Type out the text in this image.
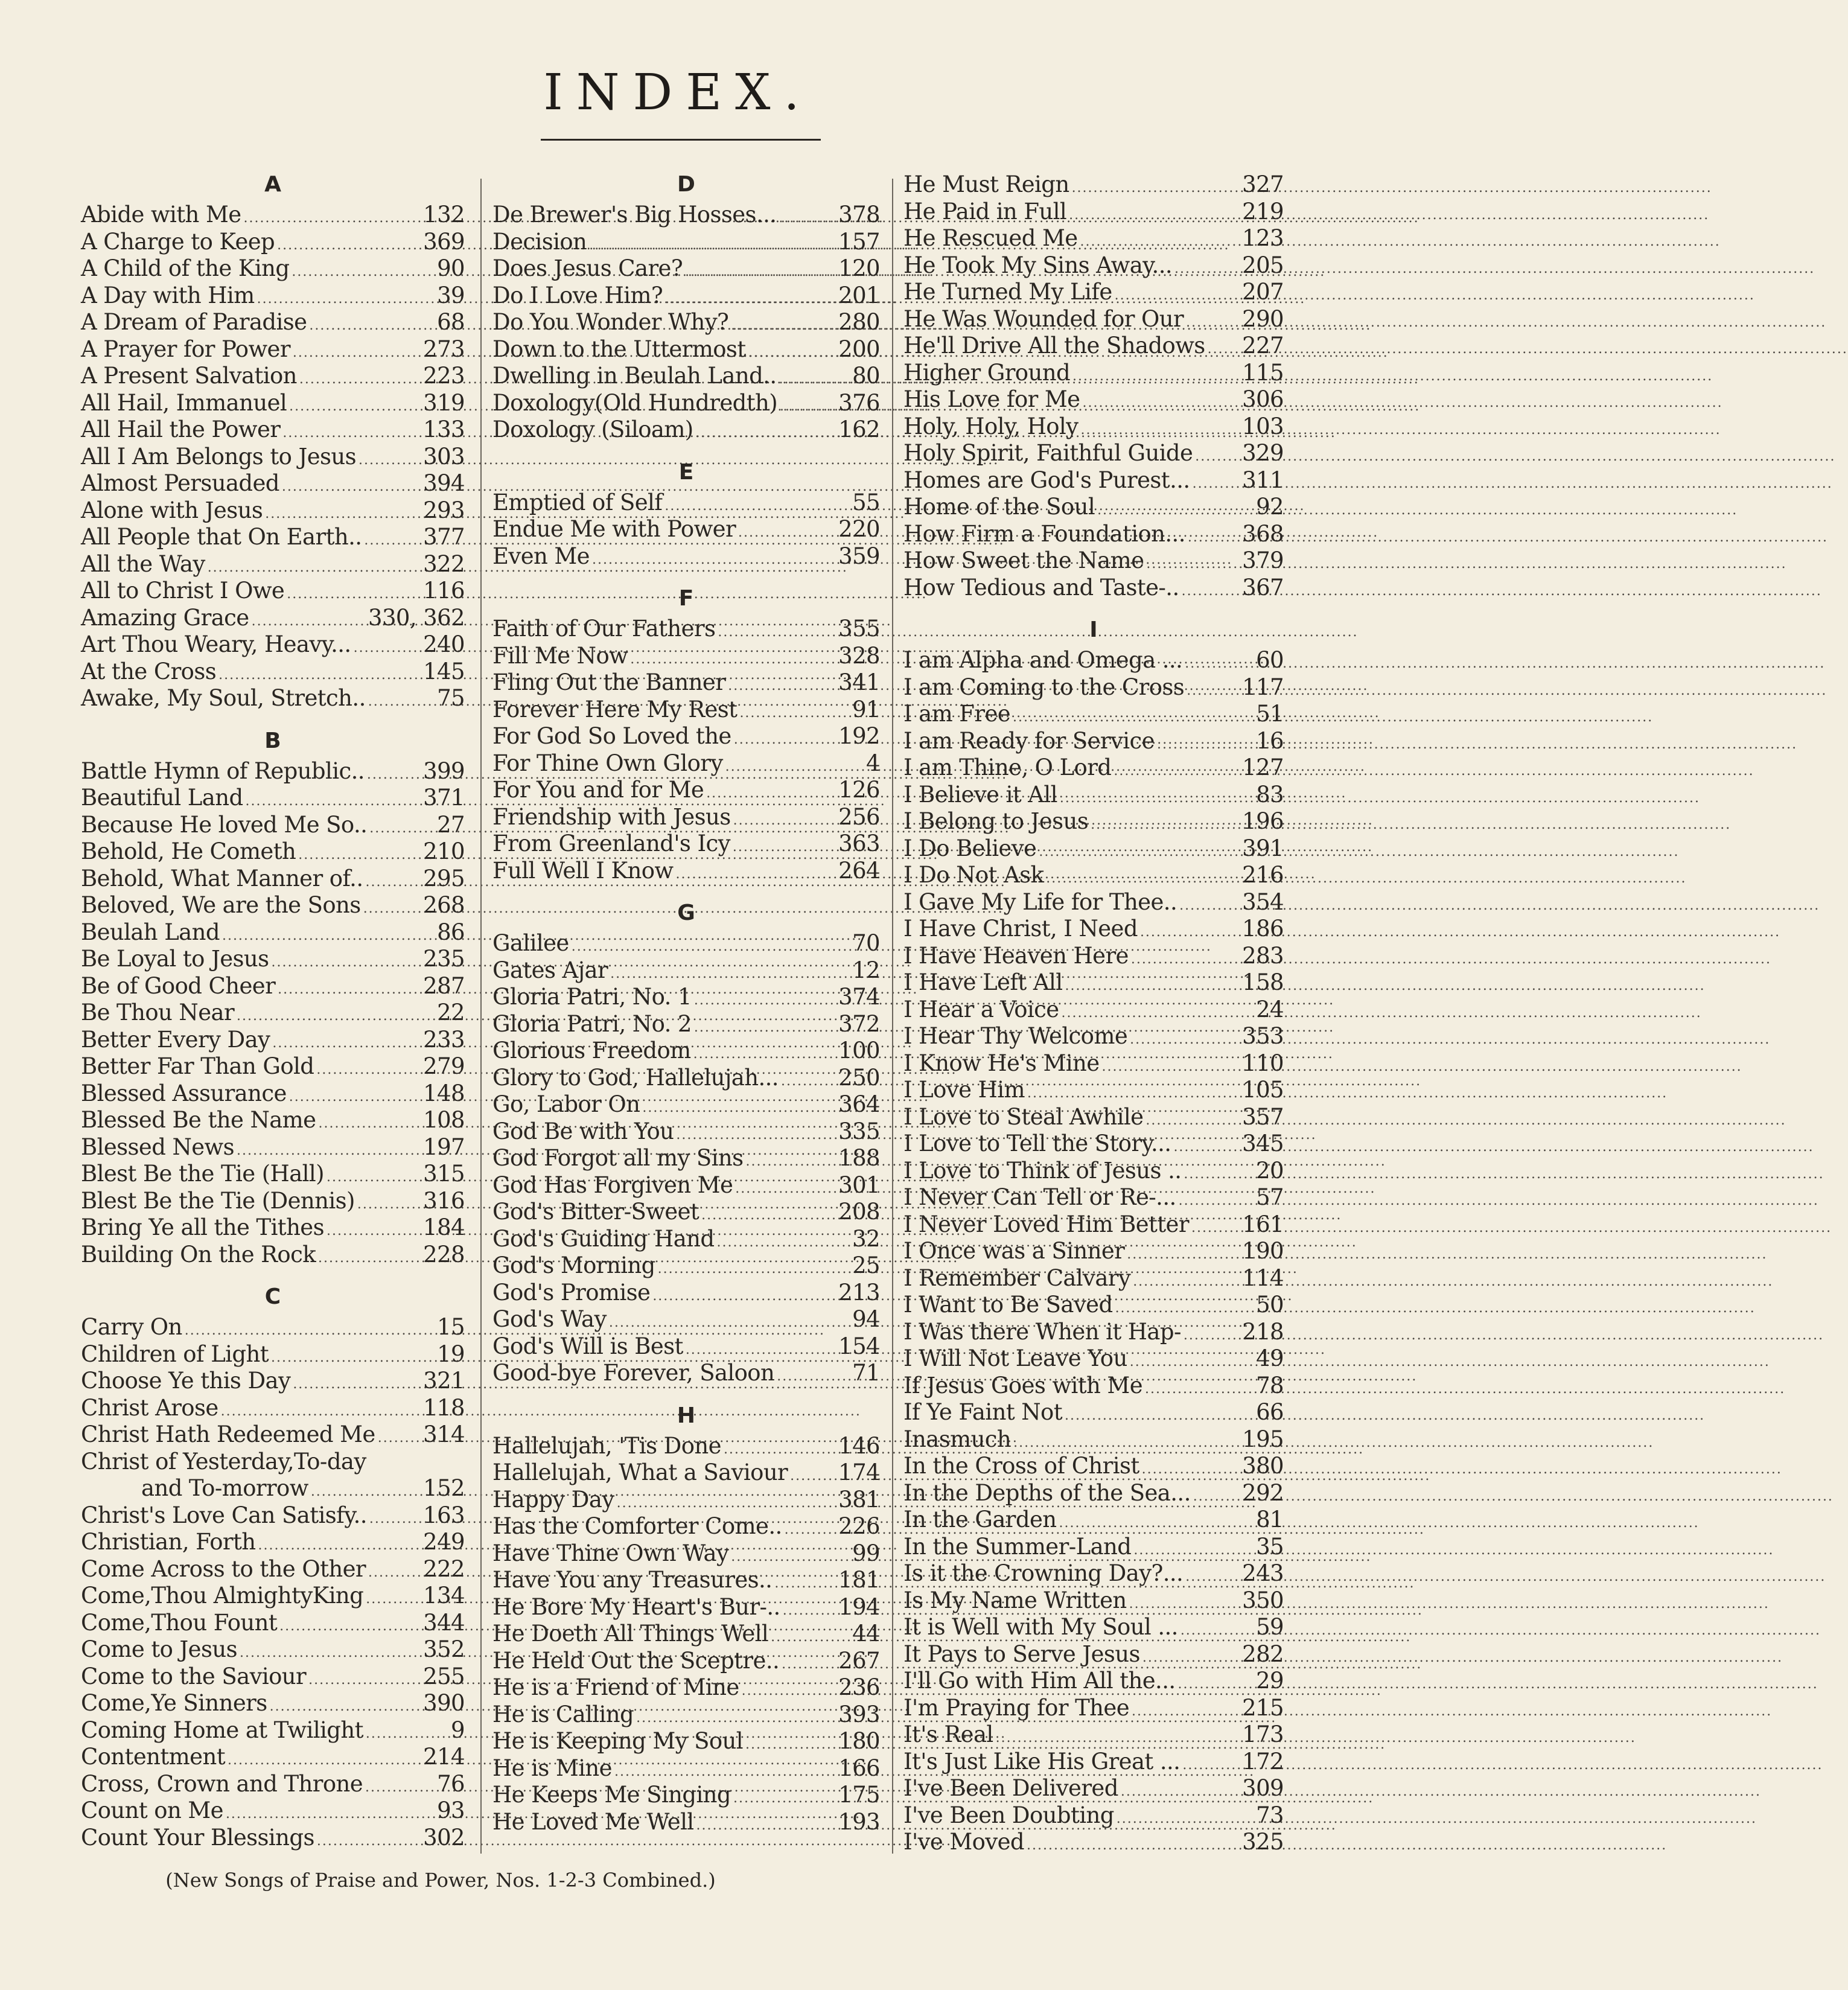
INDEX.
A
Abide with Me .....	132
A Charge to Keep .....	369
A Child of the King .....	90
A Day with Him .....	39
A Dream of Paradise .....	68
A Prayer for Power .....	273
A Present Salvation .....	223
All Hail, Immanuel .....	319
All Hail the Power .....	133
All I Am Belongs to Jesus .....	303
Almost Persuaded .....	394
Alone with Jesus .....	293
All People that On Earth.. .....	377
All the Way .....	322
All to Christ I Owe .....	116
Amazing Grace .....	330, 362
Art Thou Weary, Heavy... .....	240
At the Cross .....	145
Awake, My Soul, Stretch.. .....	75
B
Battle Hymn of Republic.. .....	399
Beautiful Land .....	371
Because He loved Me So.. .....	27
Behold, He Cometh .....	210
Behold, What Manner of.. .....	295
Beloved, We are the Sons .....	268
Beulah Land .....	86
Be Loyal to Jesus .....	235
Be of Good Cheer .....	287
Be Thou Near .....	22
Better Every Day .....	233
Better Far Than Gold .....	279
Blessed Assurance .....	148
Blessed Be the Name .....	108
Blessed News .....	197
Blest Be the Tie (Hall) .....	315
Blest Be the Tie (Dennis) .....	316
Bring Ye all the Tithes .....	184
Building On the Rock .....	228
C
Carry On .....	15
Children of Light .....	19
Choose Ye this Day .....	321
Christ Arose .....	118
Christ Hath Redeemed Me ..... 314
Christ of Yesterday,To-day
and To-morrow .....	152
Christ's Love Can Satisfy.. .....	163
Christian, Forth .....	249
Come Across to the Other .....	222
Come,Thou AlmightyKing .....	134
Come,Thou Fount .....	344
Come to Jesus .....	352
Come to the Saviour .....	255
Come,Ye Sinners .....	390
Coming Home at Twilight .....	9
Contentment .....	214
Cross, Crown and Throne .....	76
Count on Me .....	93
Count Your Blessings .....	302
D
De Brewer's Big Hosses... .....	378
Decision .....	157
Does Jesus Care? .....	120
Do I Love Him? .....	201
Do You Wonder Why? .....	280
Down to the Uttermost .....	200
Dwelling in Beulah Land.. .....	80
Doxology(Old Hundredth) .....	376
Doxology (Siloam) .....	162
E
Emptied of Self .....	55
Endue Me with Power .....	220
Even Me .....	359
F
Faith of Our Fathers .....	355
Fill Me Now .....	328
Fling Out the Banner .....	341
Forever Here My Rest .....	91
For God So Loved the .....	192
For Thine Own Glory .....	4
For You and for Me .....	126
Friendship with Jesus .....	256
From Greenland's Icy .....	363
Full Well I Know .....	264
G
Galilee .....	70
Gates Ajar .....	12
Gloria Patri, No. 1 .....	374
Gloria Patri, No. 2 .....	372
Glorious Freedom .....	100
Glory to God, Hallelujah... .....	250
Go, Labor On .....	364
God Be with You .....	335
God Forgot all my Sins .....	188
God Has Forgiven Me .....	301
God's Bitter-Sweet .....	208
God's Guiding Hand .....	32
God's Morning .....	25
God's Promise .....	213
God's Way .....	94
God's Will is Best .....	154
Good-bye Forever, Saloon .....	71
H
Hallelujah, 'Tis Done .....	146
Hallelujah, What a Saviour ..... 174
Happy Day .....	381
Has the Comforter Come.. .....	226
Have Thine Own Way .....	99
Have You any Treasures.. .....	181
He Bore My Heart's Bur-.. .....	194
He Doeth All Things Well .....	44
He Held Out the Sceptre.. .....	267
He is a Friend of Mine .....	236
He is Calling .....	393
He is Keeping My Soul .....	180
He is Mine .....	166
He Keeps Me Singing .....	175
He Loved Me Well .....	193
He Must Reign .....	327
He Paid in Full .....	219
He Rescued Me .....	123
He Took My Sins Away... .....	205
He Turned My Life .....	207
He Was Wounded for Our .....	290
He'll Drive All the Shadows ..... 227
Higher Ground .....	115
His Love for Me .....	306
Holy, Holy, Holy .....	103
Holy Spirit, Faithful Guide ..... 329
Homes are God's Purest... ..... 311
Home of the Soul .....	92
How Firm a Foundation... .....	368
How Sweet the Name .....	379
How Tedious and Taste-.. .....	367
I
I am Alpha and Omega ... .....	60
I am Coming to the Cross .....	117
I am Free .....	51
I am Ready for Service .....	16
I am Thine, O Lord .....	127
I Believe it All .....	83
I Belong to Jesus .....	196
I Do Believe .....	391
I Do Not Ask .....	216
I Gave My Life for Thee.. .....	354
I Have Christ, I Need .....	186
I Have Heaven Here .....	283
I Have Left All .....	158
I Hear a Voice .....	24
I Hear Thy Welcome .....	353
I Know He's Mine .....	110
I Love Him .....	105
I Love to Steal Awhile .....	357
I Love to Tell the Story... .....	345
I Love to Think of Jesus .. .....	20
I Never Can Tell or Re-... .....	57
I Never Loved Him Better ..... 161
I Once was a Sinner .....	190
I Remember Calvary .....	114
I Want to Be Saved .....	50
I Was there When it Hap- .....	218
I Will Not Leave You .....	49
If Jesus Goes with Me .....	78
If Ye Faint Not .....	66
Inasmuch .....	195
In the Cross of Christ .....	380
In the Depths of the Sea... ..... 292
In the Garden .....	81
In the Summer-Land .....	35
Is it the Crowning Day?... .....	243
Is My Name Written .....	350
It is Well with My Soul ... .....	59
It Pays to Serve Jesus .....	282
I'll Go with Him All the... .....	29
I'm Praying for Thee .....	215
It's Real .....	173
It's Just Like His Great ... .....	172
I've Been Delivered .....	309
I've Been Doubting .....	73
I've Moved .....	325
(New Songs of Praise and Power, Nos. 1-2-3 Combined.)
